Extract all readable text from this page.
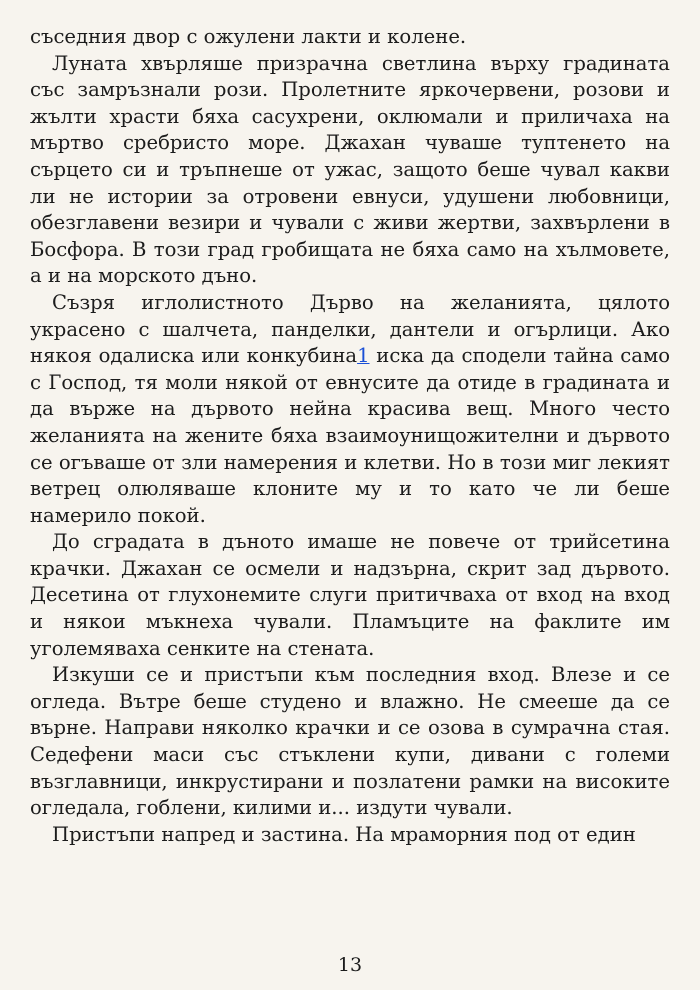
съседния двор с ожулени лакти и колене.

Луната хвърляше призрачна светлина върху градината със замръзнали рози. Пролетните яркочервени, розови и жълти храсти бяха сасухрени, оклюмали и приличаха на мъртво сребристо море. Джахан чуваше туптенето на сърцето си и тръпнеше от ужас, защото беше чувал какви ли не истории за отровени евнуси, удушени любовници, обезглавени везири и чували с живи жертви, захвърлени в Босфора. В този град гробищата не бяха само на хълмовете, а и на морското дъно.

Съзря иглолистното Дърво на желанията, цялото украсено с шалчета, панделки, дантели и огърлици. Ако някоя одалиска или конкубина1 иска да сподели тайна само с Господ, тя моли някой от евнусите да отиде в градината и да върже на дървото нейна красива вещ. Много често желанията на жените бяха взаимоунищожителни и дървото се огъваше от зли намерения и клетви. Но в този миг лекият ветрец олюляваше клоните му и то като че ли беше намерило покой.

До сградата в дъното имаше не повече от трийсетина крачки. Джахан се осмели и надзърна, скрит зад дървото. Десетина от глухонемите слуги притичваха от вход на вход и някои мъкнеха чували. Пламъците на факлите им уголемяваха сенките на стената.

Изкуши се и пристъпи към последния вход. Влезе и се огледа. Вътре беше студено и влажно. Не смееше да се върне. Направи няколко крачки и се озова в сумрачна стая. Седефени маси със стъклени купи, дивани с големи възглавници, инкрустирани и позлатени рамки на високите огледала, гоблени, килими и... издути чували.

Пристъпи напред и застина. На мраморния под от един

13
